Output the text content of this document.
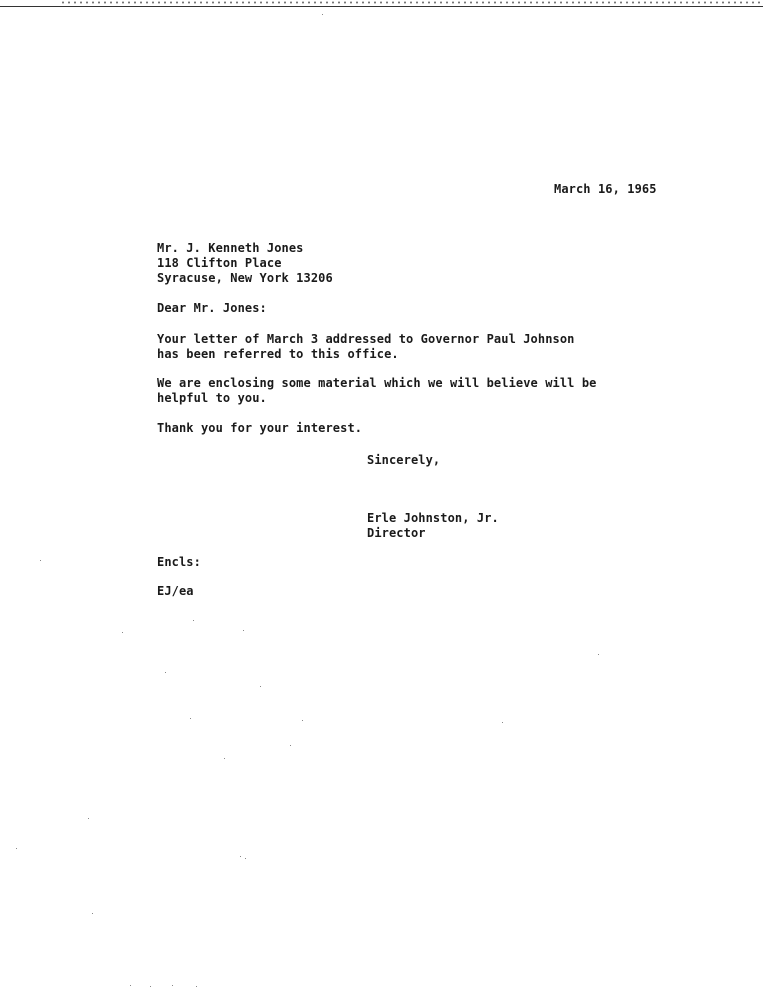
March 16, 1965
Mr. J. Kenneth Jones
118 Clifton Place
Syracuse, New York 13206
Dear Mr. Jones:
Your letter of March 3 addressed to Governor Paul Johnson
has been referred to this office.
We are enclosing some material which we will believe will be
helpful to you.
Thank you for your interest.
Sincerely,
Erle Johnston, Jr.
Director
Encls:
EJ/ea
